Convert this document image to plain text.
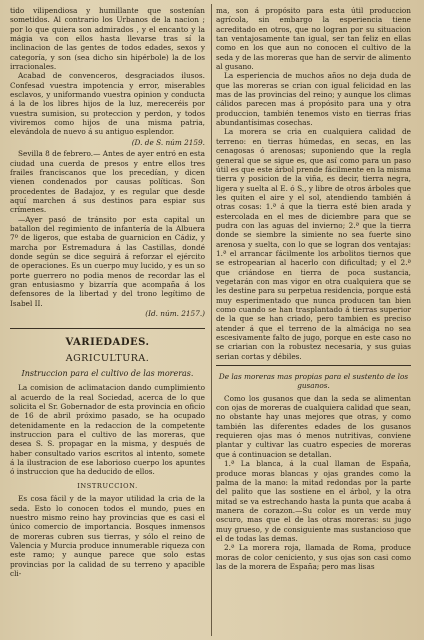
tido vilipendiosa y humillante que sostenían sometidos. Al contrario los Urbanos de la nacion ; por lo que quiera son admirados , y el encanto y la mágia va con ellos hasta llevarse tras sí la inclinacion de las gentes de todos edades, sexos y categoría, y son (sea dicho sin hipérbole) la de los irracionales.

Acabad de convenceros, desgraciados ilusos. Confesad vuestra impotencia y error, miserables esclavos, y uniformando vuestra opinion y conducta á la de los libres hijos de la luz, mereceréis por vuestra sumision, su proteccion y perdon, y todos viviremos como hijos de una misma patria, elevándola de nuevo á su antiguo esplendor.

(D. de S. núm 2159.

Sevilla 8 de febrero.— Antes de ayer entró en esta ciudad una cuerda de presos y entre ellos tres frailes franciscanos que los precedían, y dicen vienen condenados por causas políticas. Son procedentes de Badajoz, y es regular que desde aquí marchen á sus destinos para espiar sus crímenes.

—Ayer pasó de tránsito por esta capital un batallon del regimiento de infantería de la Albuera 7º de ligeros, que estaba de guarnicion en Cádiz, y marcha por Estremadura á las Castillas, dondé donde según se dice seguirá á reforzar el ejército de operaciones. Es un cuerpo muy lucido, y es un so porte guerrero no podia menos de recordar las el gran entusiasmo y bizarría que acompaña á los defensores de la libertad y del trono legítimo de Isabel II.

(Id. núm. 2157.)
VARIEDADES.
AGRICULTURA.
Instruccion para el cultivo de las moreras.

La comision de aclimatacion dando cumplimiento al acuerdo de la real Sociedad, acerca de lo que solicita el Sr. Gobernador de esta provincia en oficio de 16 de abril próximo pasado, se ha ocupado detenidamente en la redaccion de la competente instruccion para el cultivo de las moreras, que desea S. S. propagar en la misma, y después de haber consultado varios escritos al intento, somete á la ilustracion de ese laborioso cuerpo los apuntes ó instruccion que ha deducido de ellos.

INSTRUCCION.

Es cosa fácil y de la mayor utilidad la cria de la seda. Esto lo conocen todos el mundo, pues en nuestro mismo reino hay provincias que es casi el único comercio de importancia. Bosques inmensos de moreras cubren sus tierras, y sólo el reino de Valencia y Murcia produce innumerable riqueza con este ramo; y aunque parece que solo estas provincias por la calidad de su terreno y apacible cli-

ma, son á propósito para esta útil produccion agrícola, sin embargo la esperiencia tiene acreditado en otros, que no logran por su situacion tan ventajosamente tan igual, ser tan feliz en ellas como en los que aun no conocen el cultivo de la seda y de las moreras que han de servir de alimento al gusano.

La esperiencia de muchos años no deja duda de que las moreras se crian con igual felicidad en las mas de las provincias del reino; y aunque los climas cálidos parecen mas á propósito para una y otra produccion, también tenemos visto en tierras frias abundantísimas cosechas.

La morera se cria en cualquiera calidad de terreno: en tierras húmedas, en secas, en las cenagosas ó arenosas; suponiendo que la regla general que se sigue es, que así como para un paso útil es que este árbol prende fácilmente en la misma tierra y posicion de la viña, es decir, tierra negra, ligera y suelta al E. ó S., y libre de otros árboles que les quiten el aire y el sol, atendiendo también á otras cosas: 1.ª á que la tierra esté bien arada y estercolada en el mes de diciembre para que se pudra con las aguas del invierno; 2.ª que la tierra donde se siembre la simiente no sea fuerte sino arenosa y suelta, con lo que se logran dos ventajas: 1.ª el arrancar fácilmente los arbolitos tiernos que se estropearian al hacerlo con dificultad; y el 2.ª que criándose en tierra de poca sustancia, vegetarán con mas vigor en otra cualquiera que se les destine para su perpetua residencia, porque está muy esperimentado que nunca producen tan bien como cuando se han trasplantado á tierras superior de la que se han criado, pero tambien es preciso atender á que el terreno de la almáciga no sea escesivamente falto de jugo, porque en este caso no se criarian con la robustez necesaria, y sus guias serian cortas y débiles.

De las moreras mas propias para el sustento de los gusanos.

Como los gusanos que dan la seda se alimentan con ojas de moreras de cualquiera calidad que sean, no obstante hay unas mejores que otras, y como también las diferentes edades de los gusanos requieren ojas mas ó menos nutritivas, conviene plantar y cultivar las cuatro especies de moreras que á continuacion se detallan.

1.ª La blanca, á la cual llaman de España, produce moras blancas y ojas grandes como la palma de la mano: la mitad redondas por la parte del palito que las sostiene en el árbol, y la otra mitad se va estrechando hasta la punta que acaba á manera de corazon.—Su color es un verde muy oscuro, mas que el de las otras moreras: su jugo muy grueso, y de consiguiente mas sustancioso que el de todas las demas.

2.ª La morera roja, llamada de Roma, produce moras de color ceniciento, y sus ojas son casi como las de la morera de España; pero mas lisas
